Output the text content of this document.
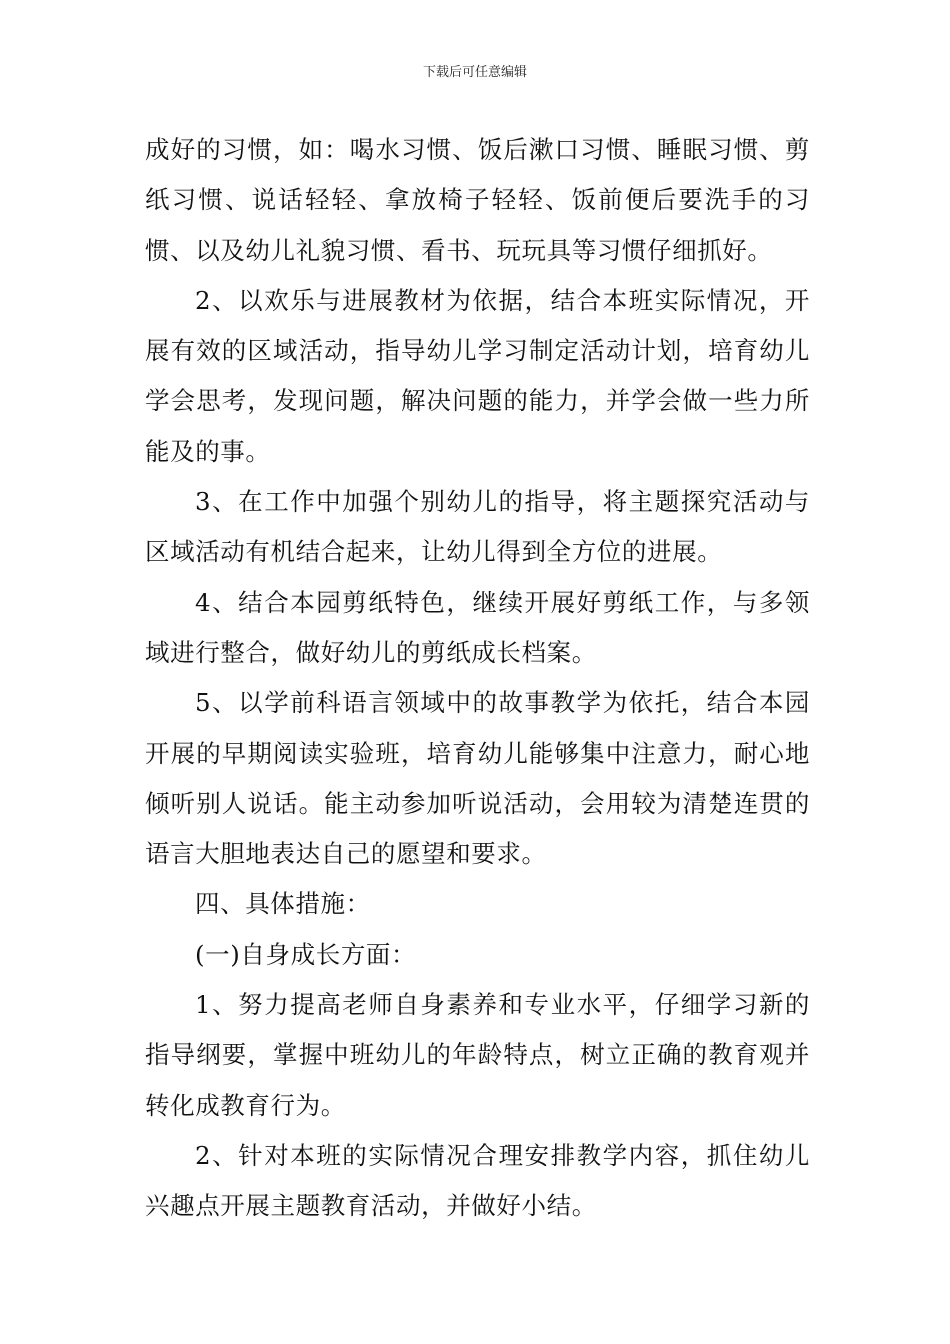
下载后可任意编辑

成好的习惯，如：喝水习惯、饭后漱口习惯、睡眠习惯、剪纸习惯、说话轻轻、拿放椅子轻轻、饭前便后要洗手的习惯、以及幼儿礼貌习惯、看书、玩玩具等习惯仔细抓好。

2、以欢乐与进展教材为依据，结合本班实际情况，开展有效的区域活动，指导幼儿学习制定活动计划，培育幼儿学会思考，发现问题，解决问题的能力，并学会做一些力所能及的事。

3、在工作中加强个别幼儿的指导，将主题探究活动与区域活动有机结合起来，让幼儿得到全方位的进展。

4、结合本园剪纸特色，继续开展好剪纸工作，与多领域进行整合，做好幼儿的剪纸成长档案。

5、以学前科语言领域中的故事教学为依托，结合本园开展的早期阅读实验班，培育幼儿能够集中注意力，耐心地倾听别人说话。能主动参加听说活动，会用较为清楚连贯的语言大胆地表达自己的愿望和要求。

四、具体措施：

(一)自身成长方面：

1、努力提高老师自身素养和专业水平，仔细学习新的指导纲要，掌握中班幼儿的年龄特点，树立正确的教育观并转化成教育行为。

2、针对本班的实际情况合理安排教学内容，抓住幼儿兴趣点开展主题教育活动，并做好小结。
